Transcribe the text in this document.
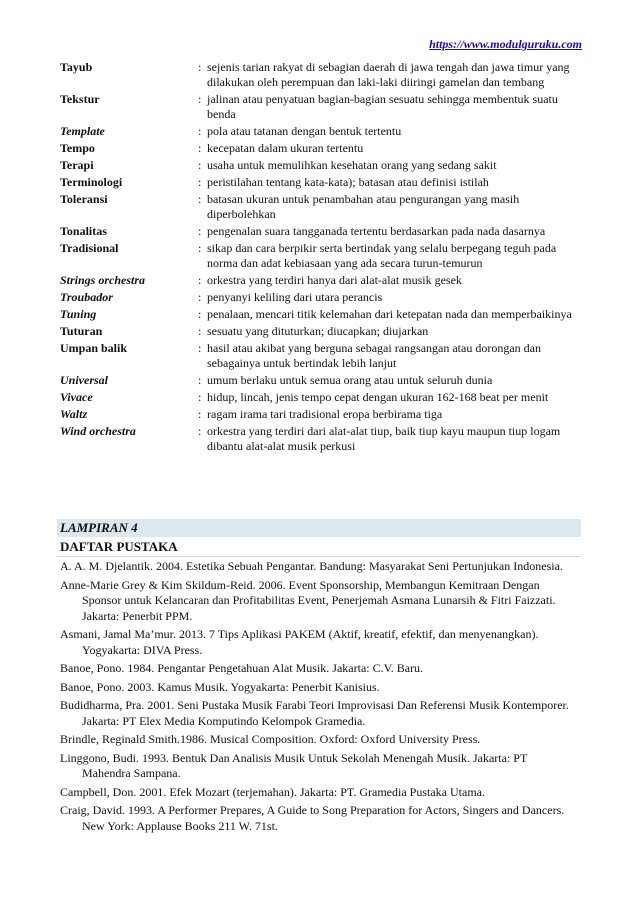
https://www.modulguruku.com
Tayub	: sejenis tarian rakyat di sebagian daerah di jawa tengah dan jawa timur yang dilakukan oleh perempuan dan laki-laki diiringi gamelan dan tembang
Tekstur	: jalinan atau penyatuan bagian-bagian sesuatu sehingga membentuk suatu benda
Template	: pola atau tatanan dengan bentuk tertentu
Tempo	: kecepatan dalam ukuran tertentu
Terapi	: usaha untuk memulihkan kesehatan orang yang sedang sakit
Terminologi	: peristilahan tentang kata-kata); batasan atau definisi istilah
Toleransi	: batasan ukuran untuk penambahan atau pengurangan yang masih diperbolehkan
Tonalitas	: pengenalan suara tangganada tertentu berdasarkan pada nada dasarnya
Tradisional	: sikap dan cara berpikir serta bertindak yang selalu berpegang teguh pada norma dan adat kebiasaan yang ada secara turun-temurun
Strings orchestra	: orkestra yang terdiri hanya dari alat-alat musik gesek
Troubador	: penyanyi keliling dari utara perancis
Tuning	: penalaan, mencari titik kelemahan dari ketepatan nada dan memperbaikinya
Tuturan	: sesuatu yang dituturkan; diucapkan; diujarkan
Umpan balik	: hasil atau akibat yang berguna sebagai rangsangan atau dorongan dan sebagainya untuk bertindak lebih lanjut
Universal	: umum berlaku untuk semua orang atau untuk seluruh dunia
Vivace	: hidup, lincah, jenis tempo cepat dengan ukuran 162-168 beat per menit
Waltz	: ragam irama tari tradisional eropa berbirama tiga
Wind orchestra	: orkestra yang terdiri dari alat-alat tiup, baik tiup kayu maupun tiup logam dibantu alat-alat musik perkusi
LAMPIRAN 4
DAFTAR PUSTAKA
A. A. M. Djelantik. 2004. Estetika Sebuah Pengantar. Bandung: Masyarakat Seni Pertunjukan Indonesia.
Anne-Marie Grey & Kim Skildum-Reid. 2006. Event Sponsorship, Membangun Kemitraan Dengan Sponsor untuk Kelancaran dan Profitabilitas Event, Penerjemah Asmana Lunarsih & Fitri Faizzati. Jakarta: Penerbit PPM.
Asmani, Jamal Ma’mur. 2013. 7 Tips Aplikasi PAKEM (Aktif, kreatif, efektif, dan menyenangkan). Yogyakarta: DIVA Press.
Banoe, Pono. 1984. Pengantar Pengetahuan Alat Musik. Jakarta: C.V. Baru.
Banoe, Pono. 2003. Kamus Musik. Yogyakarta: Penerbit Kanisius.
Budidharma, Pra. 2001. Seni Pustaka Musik Farabi Teori Improvisasi Dan Referensi Musik Kontemporer. Jakarta: PT Elex Media Komputindo Kelompok Gramedia.
Brindle, Reginald Smith.1986. Musical Composition. Oxford: Oxford University Press.
Linggono, Budi. 1993. Bentuk Dan Analisis Musik Untuk Sekolah Menengah Musik. Jakarta: PT Mahendra Sampana.
Campbell, Don. 2001. Efek Mozart (terjemahan). Jakarta: PT. Gramedia Pustaka Utama.
Craig, David. 1993. A Performer Prepares, A Guide to Song Preparation for Actors, Singers and Dancers. New York: Applause Books 211 W. 71st.
